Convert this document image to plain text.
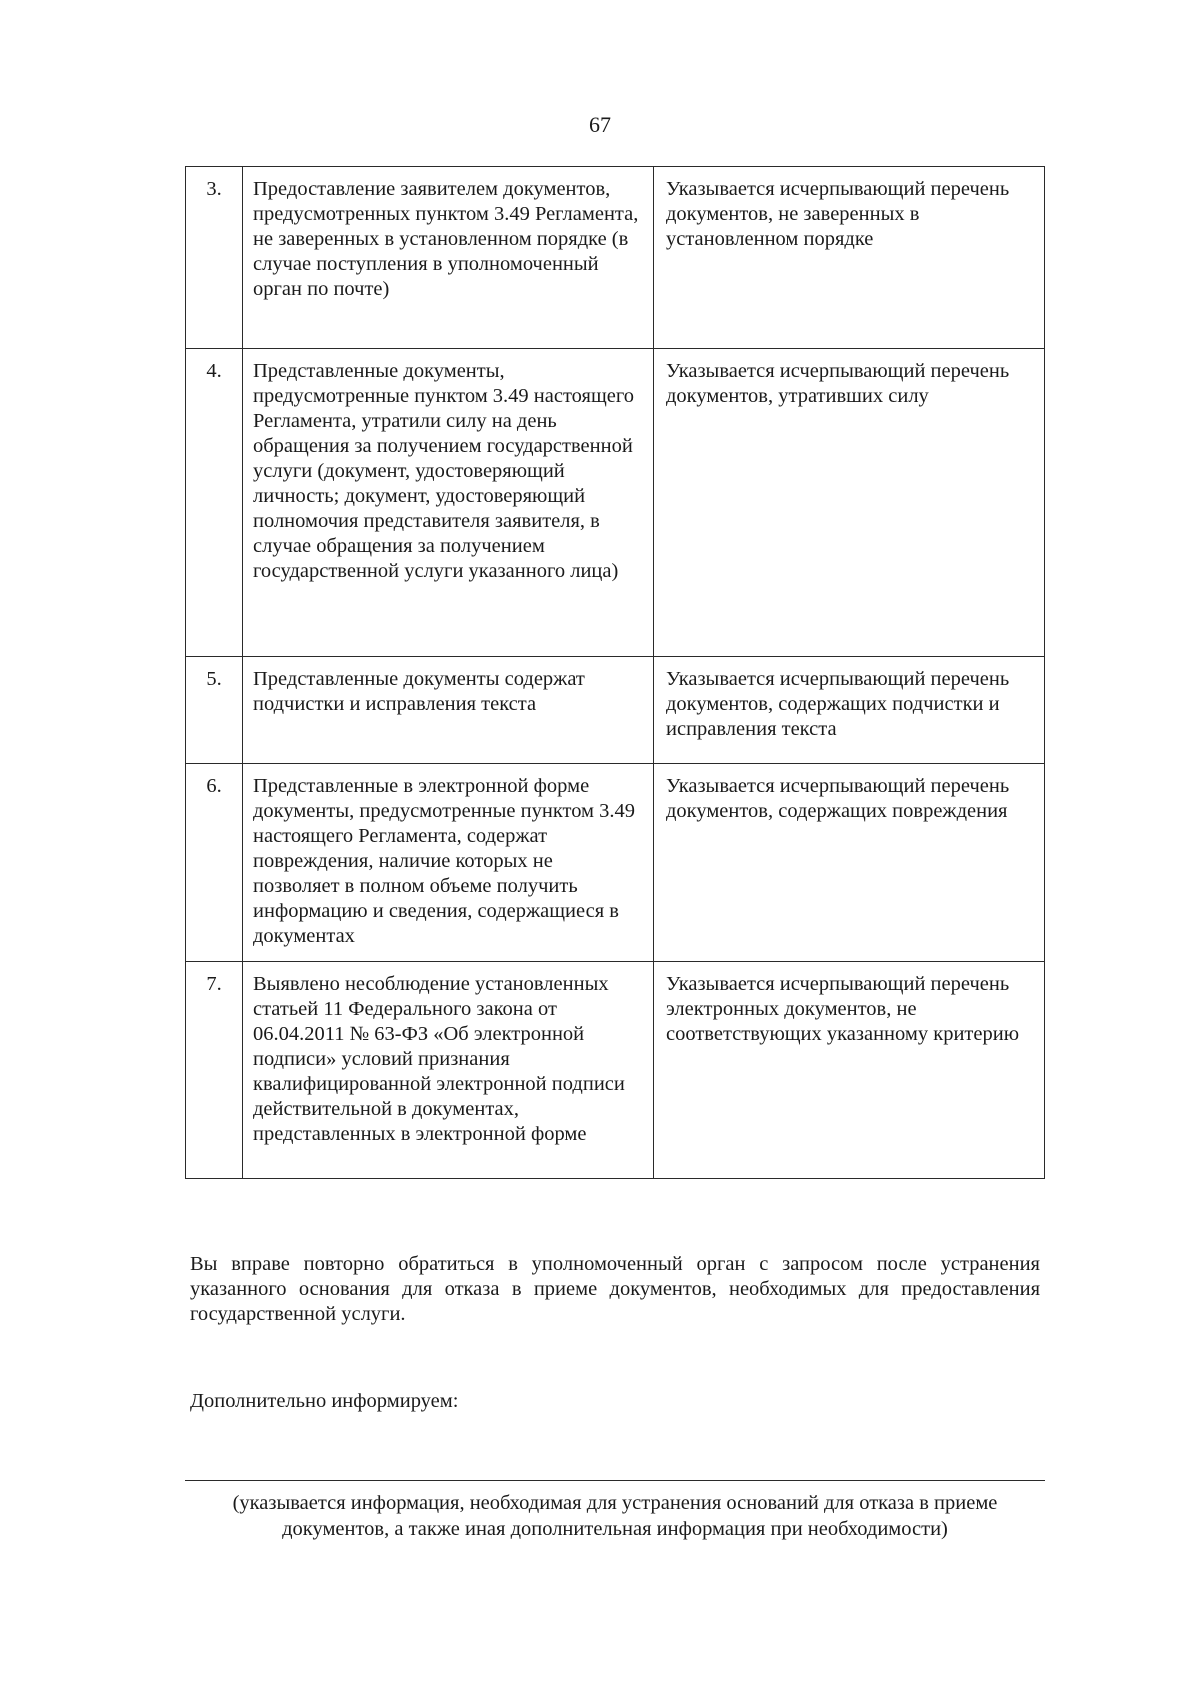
67
3.	Предоставление заявителем документов, предусмотренных пунктом 3.49 Регламента, не заверенных в установленном порядке (в случае поступления в уполномоченный орган по почте)	Указывается исчерпывающий перечень документов, не заверенных в установленном порядке
4.	Представленные документы, предусмотренные пунктом 3.49 настоящего Регламента, утратили силу на день обращения за получением государственной услуги (документ, удостоверяющий личность; документ, удостоверяющий полномочия представителя заявителя, в случае обращения за получением государственной услуги указанного лица)	Указывается исчерпывающий перечень документов, утративших силу
5.	Представленные документы содержат подчистки и исправления текста	Указывается исчерпывающий перечень документов, содержащих подчистки и исправления текста
6.	Представленные в электронной форме документы, предусмотренные пунктом 3.49 настоящего Регламента, содержат повреждения, наличие которых не позволяет в полном объеме получить информацию и сведения, содержащиеся в документах	Указывается исчерпывающий перечень документов, содержащих повреждения
7.	Выявлено несоблюдение установленных статьей 11 Федерального закона от 06.04.2011 № 63-ФЗ «Об электронной подписи» условий признания квалифицированной электронной подписи действительной в документах, представленных в электронной форме	Указывается исчерпывающий перечень электронных документов, не соответствующих указанному критерию
Вы вправе повторно обратиться в уполномоченный орган с запросом после устранения указанного основания для отказа в приеме документов, необходимых для предоставления государственной услуги.
Дополнительно информируем:
(указывается информация, необходимая для устранения оснований для отказа в приеме документов, а также иная дополнительная информация при необходимости)
